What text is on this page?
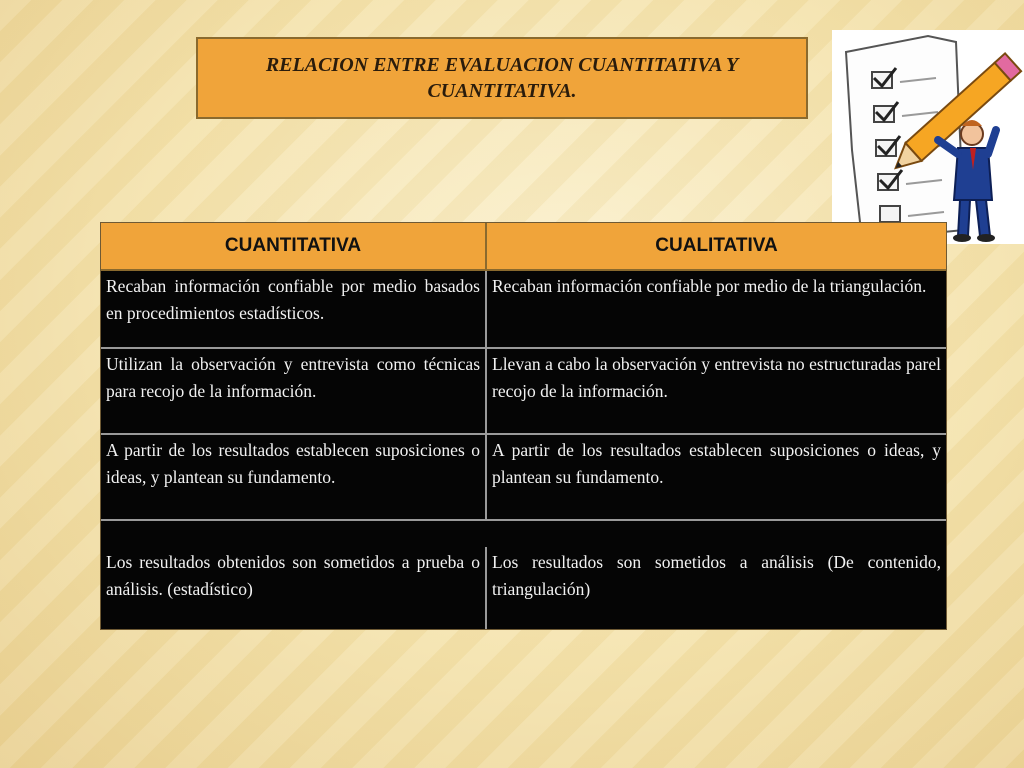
RELACION ENTRE EVALUACION CUANTITATIVA Y CUANTITATIVA.
CUANTITATIVA	CUALITATIVA
Recaban información confiable por medio basados en procedimientos estadísticos.
Recaban información confiable por medio de la triangulación.
Utilizan la observación y entrevista como técnicas para recojo de la información.
Llevan a cabo la observación y entrevista no estructuradas parel recojo de la información.
A partir de los resultados establecen suposiciones o ideas, y plantean su fundamento.
A partir de los resultados establecen suposiciones o ideas, y plantean su fundamento.
Los resultados obtenidos son sometidos a prueba o análisis. (estadístico)
Los resultados son sometidos a análisis (De contenido, triangulación)
